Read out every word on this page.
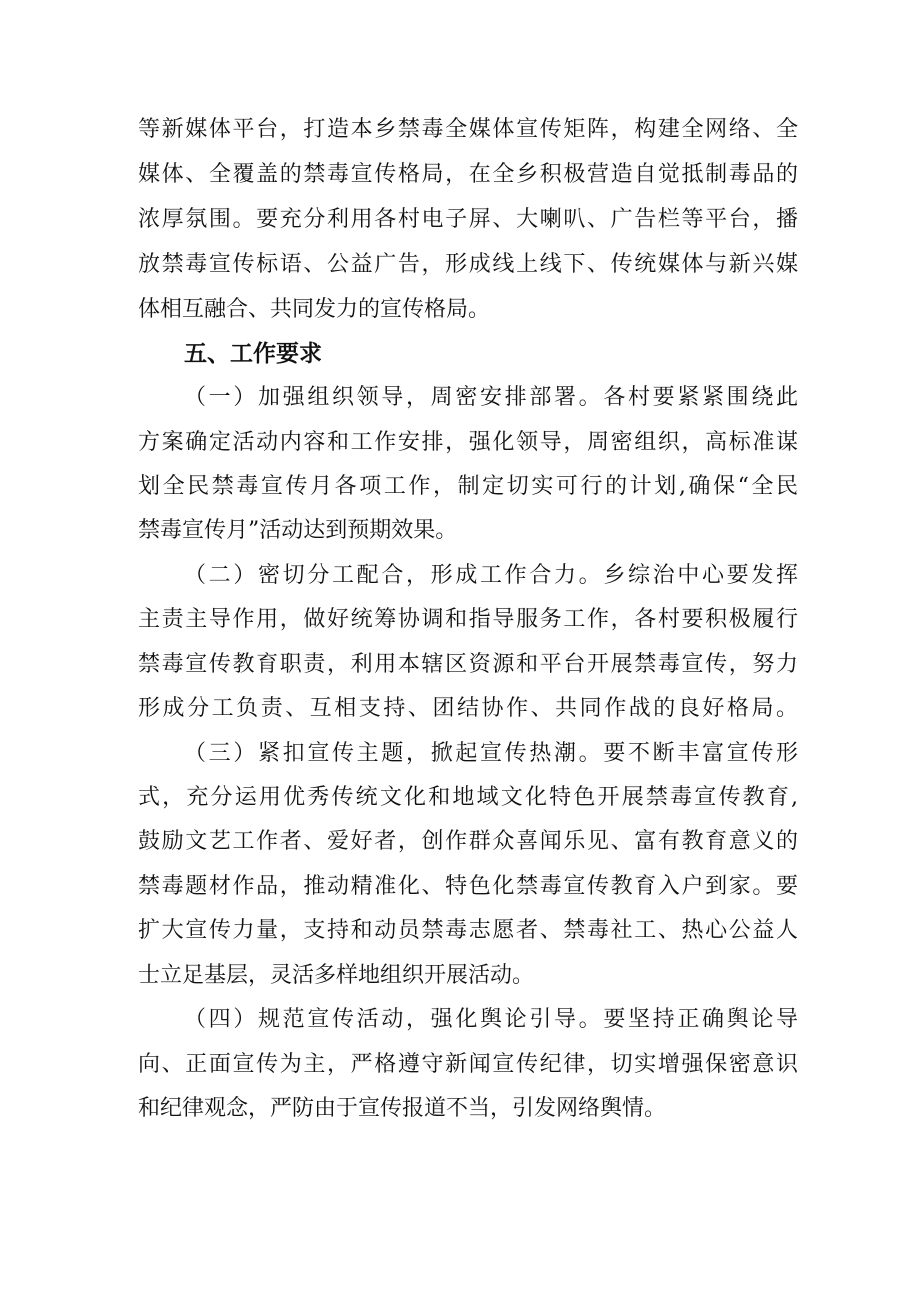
等新媒体平台，打造本乡禁毒全媒体宣传矩阵，构建全网络、全
媒体、全覆盖的禁毒宣传格局，在全乡积极营造自觉抵制毒品的
浓厚氛围。要充分利用各村电子屏、大喇叭、广告栏等平台，播
放禁毒宣传标语、公益广告，形成线上线下、传统媒体与新兴媒
体相互融合、共同发力的宣传格局。
五、工作要求
（一）加强组织领导，周密安排部署。各村要紧紧围绕此
方案确定活动内容和工作安排，强化领导，周密组织，高标准谋
划全民禁毒宣传月各项工作，制定切实可行的计划,确保“全民
禁毒宣传月”活动达到预期效果。
（二）密切分工配合，形成工作合力。乡综治中心要发挥
主责主导作用，做好统筹协调和指导服务工作，各村要积极履行
禁毒宣传教育职责，利用本辖区资源和平台开展禁毒宣传，努力
形成分工负责、互相支持、团结协作、共同作战的良好格局。
（三）紧扣宣传主题，掀起宣传热潮。要不断丰富宣传形
式，充分运用优秀传统文化和地域文化特色开展禁毒宣传教育,
鼓励文艺工作者、爱好者，创作群众喜闻乐见、富有教育意义的
禁毒题材作品，推动精准化、特色化禁毒宣传教育入户到家。要
扩大宣传力量，支持和动员禁毒志愿者、禁毒社工、热心公益人
士立足基层，灵活多样地组织开展活动。
（四）规范宣传活动，强化舆论引导。要坚持正确舆论导
向、正面宣传为主，严格遵守新闻宣传纪律，切实增强保密意识
和纪律观念，严防由于宣传报道不当，引发网络舆情。
